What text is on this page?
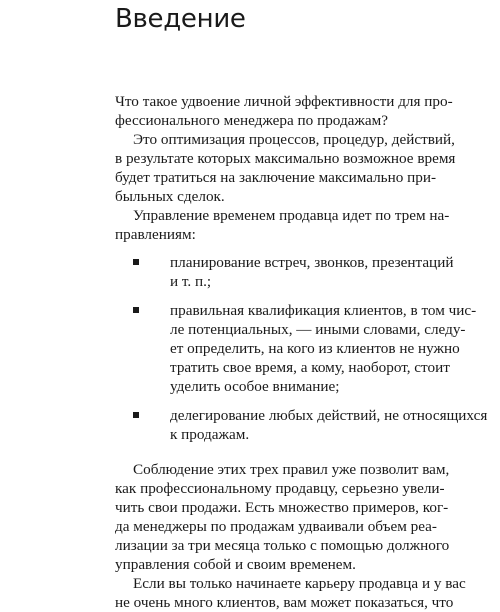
Введение
Что такое удвоение личной эффективности для про-
фессионального менеджера по продажам?
Это оптимизация процессов, процедур, действий,
в результате которых максимально возможное время
будет тратиться на заключение максимально при-
быльных сделок.
Управление временем продавца идет по трем на-
правлениям:
планирование встреч, звонков, презентаций
и т. п.;
правильная квалификация клиентов, в том чис-
ле потенциальных, — иными словами, следу-
ет определить, на кого из клиентов не нужно
тратить свое время, а кому, наоборот, стоит
уделить особое внимание;
делегирование любых действий, не относящихся
к продажам.
Соблюдение этих трех правил уже позволит вам,
как профессиональному продавцу, серьезно увели-
чить свои продажи. Есть множество примеров, ког-
да менеджеры по продажам удваивали объем реа-
лизации за три месяца только с помощью должного
управления собой и своим временем.
Если вы только начинаете карьеру продавца и у вас
не очень много клиентов, вам может показаться, что
